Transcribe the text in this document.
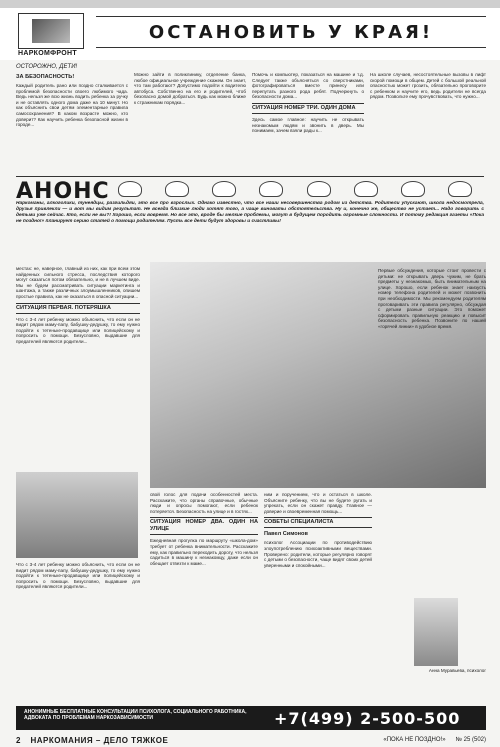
НАРКОМФРОНТ
ОСТАНОВИТЬ У КРАЯ!
ОСТОРОЖНО, ДЕТИ!
ЗА БЕЗОПАСНОСТЬ!
Каждый родитель рано или поздно сталкивается с проблемой безопасности своего любимого чада. Ведь нельзя же всю жизнь водить ребенка за ручку и не оставлять одного дома даже на 10 минут. Но как объяснить свои детям элементарные правила самосохранения? В каком возрасте можно, кто доверит? Как научить ребенка безопасной жизни в городе...
Можно зайти в поликлинику, отделение банка, любое официальное учреждение скажем. Он знает, что там работают? Допустимо подойти к водителю автобуса. Собственно на его и родителей, чтоб безопасно домой добраться. Будь как можно ближе к стражникам порядка...
Помочь и компьютер, показаться на машине и т.д. Следует также объясняться со сверстниками, фотографироваться вместе принесу или перепутать разного рода ребят. Подчеркнуть о безопасности дома...
СИТУАЦИЯ НОМЕР ТРИ. ОДИН ДОМА
Здесь самое главное: научить не открывать незнакомым людям и звонить в дверь. Мы понимаем, зачем взяли рады к...
На школе случаев, несостоятельные вызовы в лифт скорой помощи в общем. Детей с большой реальной опасностью может грозить, обязательно проговорите с ребенком и научите его, ведь родители не всегда рядом. Позвольте ему прочувствовать, что нужно...
АНОНС
Наркоманы, алкоголики, тунеядцы, разгильдяи, это все про взрослых. Однако известно, что все наши несовершенства родом из детства. Родители упускают, школа недосмотрела, друзья привлекли — и вот мы видим результат. Не всегда близкие люди хотят того, а чаще виноваты обстоятельства. Ну и, конечно же, общество не устает... Надо говорить с детьми уже сейчас. Кто, если не вы?! Хорошо, если вовремя. Но все это, вроде бы мелкие проблемы, могут в будущем породить огромные сложности. И потому редакция газеты «Пока не поздно!» планирует серию статей о помощи родителям. Пусть все дети будут здоровы и счастливы!
местах: не, наверное, главный из них, как при всем этом найденных сильного стресса, последствия которого могут сказаться потом обязательно, и не в лучшем виде. Мы не будем рассматривать ситуации маркетинга и шантажа, а также различных злоумышленников, опишем простые правила, как не оказаться в опасной ситуации...
СИТУАЦИЯ ПЕРВАЯ. ПОТЕРЯШКА
Что с 3-4 лет ребенку можно объяснить, что если он не видит рядом маму-папу, бабушку-дедушку, то ему нужно подойти к тетеньке-продавщице или полицейскому и попросить о помощи. Безусловно, выдавшие для предателей являются родители...
Что с 3-4 лет ребенку можно объяснить, что если он не видит рядом маму-папу, бабушку-дедушку, то ему нужно подойти к тетеньке-продавщице или полицейскому и попросить о помощи. Безусловно, выдавшие для предателей являются родители...
свой голос для подачи особенностей места. Расскажите, что органы справочные, обычные люди и опросы помогают, если ребенок потеряется. Безопасность на улице и в гостях...
СИТУАЦИЯ НОМЕР ДВА. ОДИН НА УЛИЦЕ
Ежедневная прогулка по маршруту «школа-дом» требует от ребенка внимательности. Расскажите ему, как правильно переходить дорогу, что нельзя садиться в машину к незнакомцу, даже если он обещает отвезти к маме...
ним и поручением, что и остаться в школе. Объясните ребенку, что вы не будете ругать и упрекать, если он скажет правду. Главное — доверие и своевременная помощь...
СОВЕТЫ СПЕЦИАЛИСТА
Павел Симонов
психолог Ассоциации по противодействию злоупотреблению психоактивными веществами. Проверено: родители, которые регулярно говорят с детьми о безопасности, чаще видят своих детей уверенными и спокойными...
Первые обсуждения, которые стоит провести с детьми: не открывать дверь чужим, не брать предметы у незнакомых, быть внимательным на улице. Хорошо, если ребенок знает наизусть номер телефона родителей и может позвонить при необходимости. Мы рекомендуем родителям проговаривать эти правила регулярно, обсуждая с детьми разные ситуации. Это поможет сформировать правильную реакцию и повысит безопасность ребенка. Позвоните по нашей «горячей линии» в удобное время.
Анна Муравьева, психолог
АНОНИМНЫЕ БЕСПЛАТНЫЕ КОНСУЛЬТАЦИИ ПСИХОЛОГА, СОЦИАЛЬНОГО РАБОТНИКА, АДВОКАТА ПО ПРОБЛЕМАМ НАРКОЗАВИСИМОСТИ	+7(499) 2-500-500
2 НАРКОМАНИЯ – ДЕЛО ТЯЖКОЕ	«ПОКА НЕ ПОЗДНО!» № 25 (502)
